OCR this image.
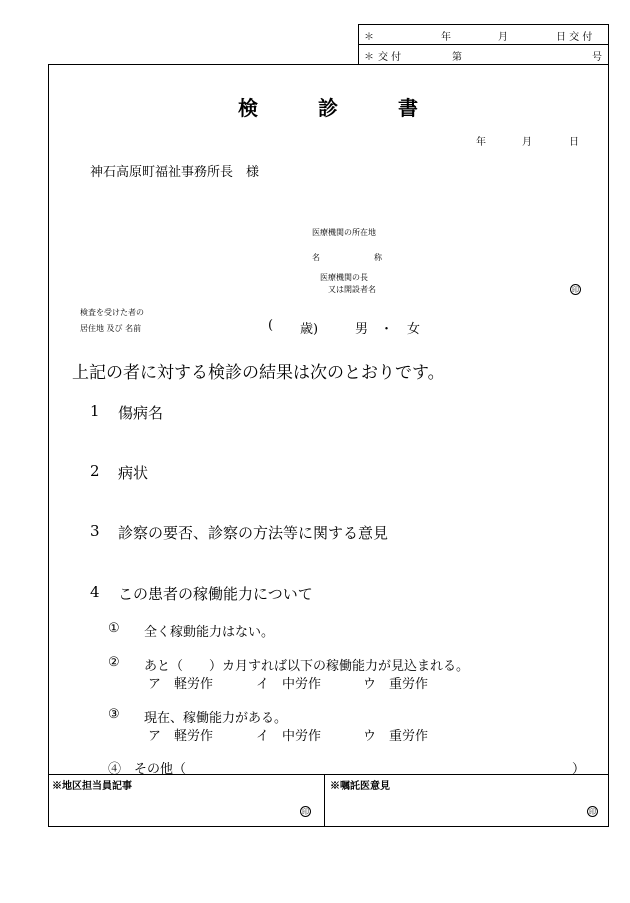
＊	年	月	日 交 付
＊ 交 付	第	号
検	診	書
年	月	日
神石高原町福祉事務所長　様
医療機関の所在地
名	称
医療機関の長
又は開設者名	印
検査を受けた者の
居住地 及び 名前	( 歳)	男 ・ 女
上記の者に対する検診の結果は次のとおりです。
1 傷病名
2 病状
3 診察の要否、診察の方法等に関する意見
4 この患者の稼働能力について
① 全く稼動能力はない。
② あと（　　）カ月すれば以下の稼働能力が見込まれる。
ア　軽労作	イ　中労作	ウ　重労作
③ 現在、稼働能力がある。
ア　軽労作	イ　中労作	ウ　重労作
④　その他（	）
※地区担当員記事
印
※嘱託医意見
印
